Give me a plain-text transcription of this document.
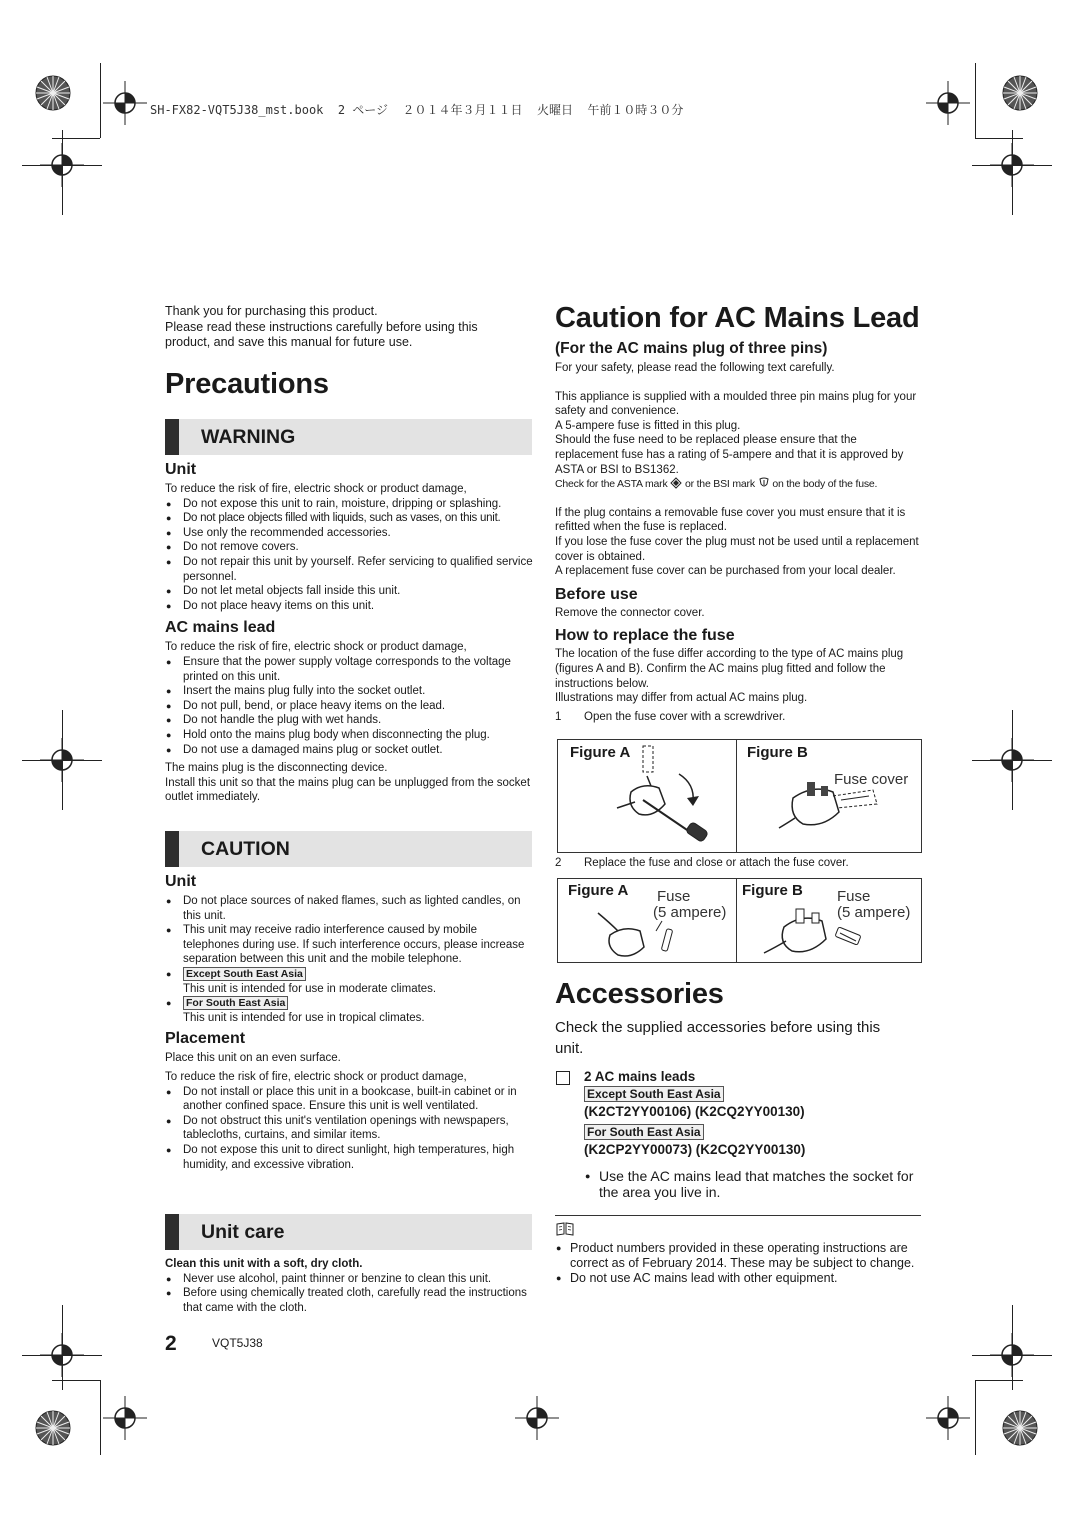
SH-FX82-VQT5J38_mst.book  2 ページ  ２０１４年３月１１日  火曜日  午前１０時３０分
Thank you for purchasing this product.
Please read these instructions carefully before using this
product, and save this manual for future use.
Precautions
WARNING
Unit
To reduce the risk of fire, electric shock or product damage,
● Do not expose this unit to rain, moisture, dripping or splashing.
● Do not place objects filled with liquids, such as vases, on this unit.
● Use only the recommended accessories.
● Do not remove covers.
● Do not repair this unit by yourself. Refer servicing to qualified service personnel.
● Do not let metal objects fall inside this unit.
● Do not place heavy items on this unit.
AC mains lead
To reduce the risk of fire, electric shock or product damage,
● Ensure that the power supply voltage corresponds to the voltage printed on this unit.
● Insert the mains plug fully into the socket outlet.
● Do not pull, bend, or place heavy items on the lead.
● Do not handle the plug with wet hands.
● Hold onto the mains plug body when disconnecting the plug.
● Do not use a damaged mains plug or socket outlet.
The mains plug is the disconnecting device.
Install this unit so that the mains plug can be unplugged from the socket outlet immediately.
CAUTION
Unit
● Do not place sources of naked flames, such as lighted candles, on this unit.
● This unit may receive radio interference caused by mobile telephones during use. If such interference occurs, please increase separation between this unit and the mobile telephone.
● Except South East Asia
This unit is intended for use in moderate climates.
● For South East Asia
This unit is intended for use in tropical climates.
Placement
Place this unit on an even surface.
To reduce the risk of fire, electric shock or product damage,
● Do not install or place this unit in a bookcase, built-in cabinet or in another confined space. Ensure this unit is well ventilated.
● Do not obstruct this unit's ventilation openings with newspapers, tablecloths, curtains, and similar items.
● Do not expose this unit to direct sunlight, high temperatures, high humidity, and excessive vibration.
Unit care
Clean this unit with a soft, dry cloth.
● Never use alcohol, paint thinner or benzine to clean this unit.
● Before using chemically treated cloth, carefully read the instructions that came with the cloth.
2	VQT5J38
Caution for AC Mains Lead
(For the AC mains plug of three pins)
For your safety, please read the following text carefully.
This appliance is supplied with a moulded three pin mains plug for your safety and convenience.
A 5-ampere fuse is fitted in this plug.
Should the fuse need to be replaced please ensure that the replacement fuse has a rating of 5-ampere and that it is approved by ASTA or BSI to BS1362.
Check for the ASTA mark or the BSI mark on the body of the fuse.
If the plug contains a removable fuse cover you must ensure that it is refitted when the fuse is replaced.
If you lose the fuse cover the plug must not be used until a replacement cover is obtained.
A replacement fuse cover can be purchased from your local dealer.
Before use
Remove the connector cover.
How to replace the fuse
The location of the fuse differ according to the type of AC mains plug (figures A and B). Confirm the AC mains plug fitted and follow the instructions below.
Illustrations may differ from actual AC mains plug.
1 Open the fuse cover with a screwdriver.
Figure A	Figure B
Fuse cover
2 Replace the fuse and close or attach the fuse cover.
Figure A	Figure B
Fuse
(5 ampere)
Fuse
(5 ampere)
Accessories
Check the supplied accessories before using this
unit.
2 AC mains leads
Except South East Asia
(K2CT2YY00106) (K2CQ2YY00130)
For South East Asia
(K2CP2YY00073) (K2CQ2YY00130)
● Use the AC mains lead that matches the socket for the area you live in.
● Product numbers provided in these operating instructions are correct as of February 2014. These may be subject to change.
● Do not use AC mains lead with other equipment.
